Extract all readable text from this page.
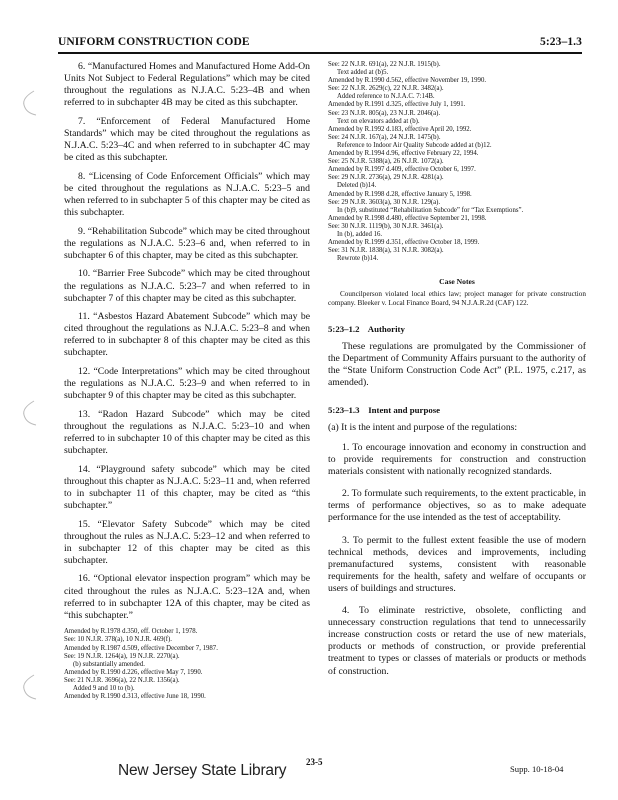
UNIFORM CONSTRUCTION CODE	5:23–1.3

6. “Manufactured Homes and Manufactured Home Add-On Units Not Subject to Federal Regulations” which may be cited throughout the regulations as N.J.A.C. 5:23–4B and when referred to in subchapter 4B may be cited as this subchapter.

7. “Enforcement of Federal Manufactured Home Standards” which may be cited throughout the regulations as N.J.A.C. 5:23–4C and when referred to in subchapter 4C may be cited as this subchapter.

8. “Licensing of Code Enforcement Officials” which may be cited throughout the regulations as N.J.A.C. 5:23–5 and when referred to in subchapter 5 of this chapter may be cited as this subchapter.

9. “Rehabilitation Subcode” which may be cited throughout the regulations as N.J.A.C. 5:23–6 and, when referred to in subchapter 6 of this chapter, may be cited as this subchapter.

10. “Barrier Free Subcode” which may be cited throughout the regulations as N.J.A.C. 5:23–7 and when referred to in subchapter 7 of this chapter may be cited as this subchapter.

11. “Asbestos Hazard Abatement Subcode” which may be cited throughout the regulations as N.J.A.C. 5:23–8 and when referred to in subchapter 8 of this chapter may be cited as this subchapter.

12. “Code Interpretations” which may be cited throughout the regulations as N.J.A.C. 5:23–9 and when referred to in subchapter 9 of this chapter may be cited as this subchapter.

13. “Radon Hazard Subcode” which may be cited throughout the regulations as N.J.A.C. 5:23–10 and when referred to in subchapter 10 of this chapter may be cited as this subchapter.

14. “Playground safety subcode” which may be cited throughout this chapter as N.J.A.C. 5:23–11 and, when referred to in subchapter 11 of this chapter, may be cited as “this subchapter.”

15. “Elevator Safety Subcode” which may be cited throughout the rules as N.J.A.C. 5:23–12 and when referred to in subchapter 12 of this chapter may be cited as this subchapter.

16. “Optional elevator inspection program” which may be cited throughout the rules as N.J.A.C. 5:23–12A and, when referred to in subchapter 12A of this chapter, may be cited as “this subchapter.”

Amended by R.1978 d.350, eff. October 1, 1978.
See: 10 N.J.R. 378(a), 10 N.J.R. 469(f).
Amended by R.1987 d.509, effective December 7, 1987.
See: 19 N.J.R. 1264(a), 19 N.J.R. 2270(a).
(b) substantially amended.
Amended by R.1990 d.226, effective May 7, 1990.
See: 21 N.J.R. 3696(a), 22 N.J.R. 1356(a).
Added 9 and 10 to (b).
Amended by R.1990 d.313, effective June 18, 1990.
See: 22 N.J.R. 691(a), 22 N.J.R. 1915(b).
Text added at (b)5.
Amended by R.1990 d.562, effective November 19, 1990.
See: 22 N.J.R. 2629(c), 22 N.J.R. 3482(a).
Added reference to N.J.A.C. 7:14B.
Amended by R.1991 d.325, effective July 1, 1991.
See: 23 N.J.R. 805(a), 23 N.J.R. 2046(a).
Text on elevators added at (b).
Amended by R.1992 d.183, effective April 20, 1992.
See: 24 N.J.R. 167(a), 24 N.J.R. 1475(b).
Reference to Indoor Air Quality Subcode added at (b)12.
Amended by R.1994 d.96, effective February 22, 1994.
See: 25 N.J.R. 5388(a), 26 N.J.R. 1072(a).
Amended by R.1997 d.409, effective October 6, 1997.
See: 29 N.J.R. 2736(a), 29 N.J.R. 4281(a).
Deleted (b)14.
Amended by R.1998 d.28, effective January 5, 1998.
See: 29 N.J.R. 3603(a), 30 N.J.R. 129(a).
In (b)9, substituted “Rehabilitation Subcode” for “Tax Exemptions”.
Amended by R.1998 d.480, effective September 21, 1998.
See: 30 N.J.R. 1119(b), 30 N.J.R. 3461(a).
In (b), added 16.
Amended by R.1999 d.351, effective October 18, 1999.
See: 31 N.J.R. 1838(a), 31 N.J.R. 3082(a).
Rewrote (b)14.
Case Notes

Councilperson violated local ethics law; project manager for private construction company. Bleeker v. Local Finance Board, 94 N.J.A.R.2d (CAF) 122.

5:23–1.2 Authority

These regulations are promulgated by the Commissioner of the Department of Community Affairs pursuant to the authority of the “State Uniform Construction Code Act” (P.L. 1975, c.217, as amended).

5:23–1.3 Intent and purpose

(a) It is the intent and purpose of the regulations:

1. To encourage innovation and economy in construction and to provide requirements for construction and construction materials consistent with nationally recognized standards.

2. To formulate such requirements, to the extent practicable, in terms of performance objectives, so as to make adequate performance for the use intended as the test of acceptability.

3. To permit to the fullest extent feasible the use of modern technical methods, devices and improvements, including premanufactured systems, consistent with reasonable requirements for the health, safety and welfare of occupants or users of buildings and structures.

4. To eliminate restrictive, obsolete, conflicting and unnecessary construction regulations that tend to unnecessarily increase construction costs or retard the use of new materials, products or methods of construction, or provide preferential treatment to types or classes of materials or products or methods of construction.

New Jersey State Library 23-5
Supp. 10-18-04
